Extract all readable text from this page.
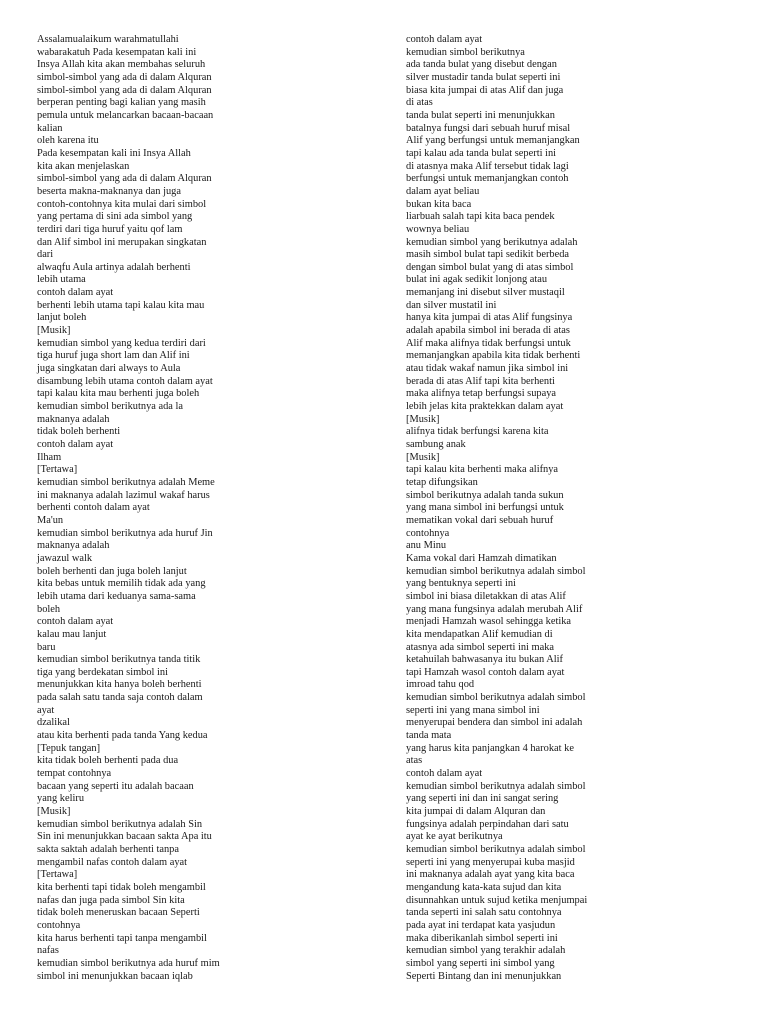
Assalamualaikum warahmatullahi
wabarakatuh Pada kesempatan kali ini
Insya Allah kita akan membahas seluruh
simbol-simbol yang ada di dalam Alquran
simbol-simbol yang ada di dalam Alquran
berperan penting bagi kalian yang masih
pemula untuk melancarkan bacaan-bacaan
kalian
oleh karena itu
Pada kesempatan kali ini Insya Allah
kita akan menjelaskan
simbol-simbol yang ada di dalam Alquran
beserta makna-maknanya dan juga
contoh-contohnya kita mulai dari simbol
yang pertama di sini ada simbol yang
terdiri dari tiga huruf yaitu qof lam
dan Alif simbol ini merupakan singkatan
dari
alwaqfu Aula artinya adalah berhenti
lebih utama
contoh dalam ayat
berhenti lebih utama tapi kalau kita mau
lanjut boleh
[Musik]
kemudian simbol yang kedua terdiri dari
tiga huruf juga short lam dan Alif ini
juga singkatan dari always to Aula
disambung lebih utama contoh dalam ayat
tapi kalau kita mau berhenti juga boleh
kemudian simbol berikutnya ada la
maknanya adalah
tidak boleh berhenti
contoh dalam ayat
Ilham
[Tertawa]
kemudian simbol berikutnya adalah Meme
ini maknanya adalah lazimul wakaf harus
berhenti contoh dalam ayat
Ma'un
kemudian simbol berikutnya ada huruf Jin
maknanya adalah
jawazul walk
boleh berhenti dan juga boleh lanjut
kita bebas untuk memilih tidak ada yang
lebih utama dari keduanya sama-sama
boleh
contoh dalam ayat
kalau mau lanjut
baru
kemudian simbol berikutnya tanda titik
tiga yang berdekatan simbol ini
menunjukkan kita hanya boleh berhenti
pada salah satu tanda saja contoh dalam
ayat
dzalikal
atau kita berhenti pada tanda Yang kedua
[Tepuk tangan]
kita tidak boleh berhenti pada dua
tempat contohnya
bacaan yang seperti itu adalah bacaan
yang keliru
[Musik]
kemudian simbol berikutnya adalah Sin
Sin ini menunjukkan bacaan sakta Apa itu
sakta saktah adalah berhenti tanpa
mengambil nafas contoh dalam ayat
[Tertawa]
kita berhenti tapi tidak boleh mengambil
nafas dan juga pada simbol Sin kita
tidak boleh meneruskan bacaan Seperti
contohnya
kita harus berhenti tapi tanpa mengambil
nafas
kemudian simbol berikutnya ada huruf mim
simbol ini menunjukkan bacaan iqlab
contoh dalam ayat
kemudian simbol berikutnya
ada tanda bulat yang disebut dengan
silver mustadir tanda bulat seperti ini
biasa kita jumpai di atas Alif dan juga
di atas
tanda bulat seperti ini menunjukkan
batalnya fungsi dari sebuah huruf misal
Alif yang berfungsi untuk memanjangkan
tapi kalau ada tanda bulat seperti ini
di atasnya maka Alif tersebut tidak lagi
berfungsi untuk memanjangkan contoh
dalam ayat beliau
bukan kita baca
liarbuah salah tapi kita baca pendek
wownya beliau
kemudian simbol yang berikutnya adalah
masih simbol bulat tapi sedikit berbeda
dengan simbol bulat yang di atas simbol
bulat ini agak sedikit lonjong atau
memanjang ini disebut silver mustaqil
dan silver mustatil ini
hanya kita jumpai di atas Alif fungsinya
adalah apabila simbol ini berada di atas
Alif maka alifnya tidak berfungsi untuk
memanjangkan apabila kita tidak berhenti
atau tidak wakaf namun jika simbol ini
berada di atas Alif tapi kita berhenti
maka alifnya tetap berfungsi supaya
lebih jelas kita praktekkan dalam ayat
[Musik]
alifnya tidak berfungsi karena kita
sambung anak
[Musik]
tapi kalau kita berhenti maka alifnya
tetap difungsikan
simbol berikutnya adalah tanda sukun
yang mana simbol ini berfungsi untuk
mematikan vokal dari sebuah huruf
contohnya
anu Minu
Kama vokal dari Hamzah dimatikan
kemudian simbol berikutnya adalah simbol
yang bentuknya seperti ini
simbol ini biasa diletakkan di atas Alif
yang mana fungsinya adalah merubah Alif
menjadi Hamzah wasol sehingga ketika
kita mendapatkan Alif kemudian di
atasnya ada simbol seperti ini maka
ketahuilah bahwasanya itu bukan Alif
tapi Hamzah wasol contoh dalam ayat
imroad tahu qod
kemudian simbol berikutnya adalah simbol
seperti ini yang mana simbol ini
menyerupai bendera dan simbol ini adalah
tanda mata
yang harus kita panjangkan 4 harokat ke
atas
contoh dalam ayat
kemudian simbol berikutnya adalah simbol
yang seperti ini dan ini sangat sering
kita jumpai di dalam Alquran dan
fungsinya adalah perpindahan dari satu
ayat ke ayat berikutnya
kemudian simbol berikutnya adalah simbol
seperti ini yang menyerupai kuba masjid
ini maknanya adalah ayat yang kita baca
mengandung kata-kata sujud dan kita
disunnahkan untuk sujud ketika menjumpai
tanda seperti ini salah satu contohnya
pada ayat ini terdapat kata yasjudun
maka diberikanlah simbol seperti ini
kemudian simbol yang terakhir adalah
simbol yang seperti ini simbol yang
Seperti Bintang dan ini menunjukkan
